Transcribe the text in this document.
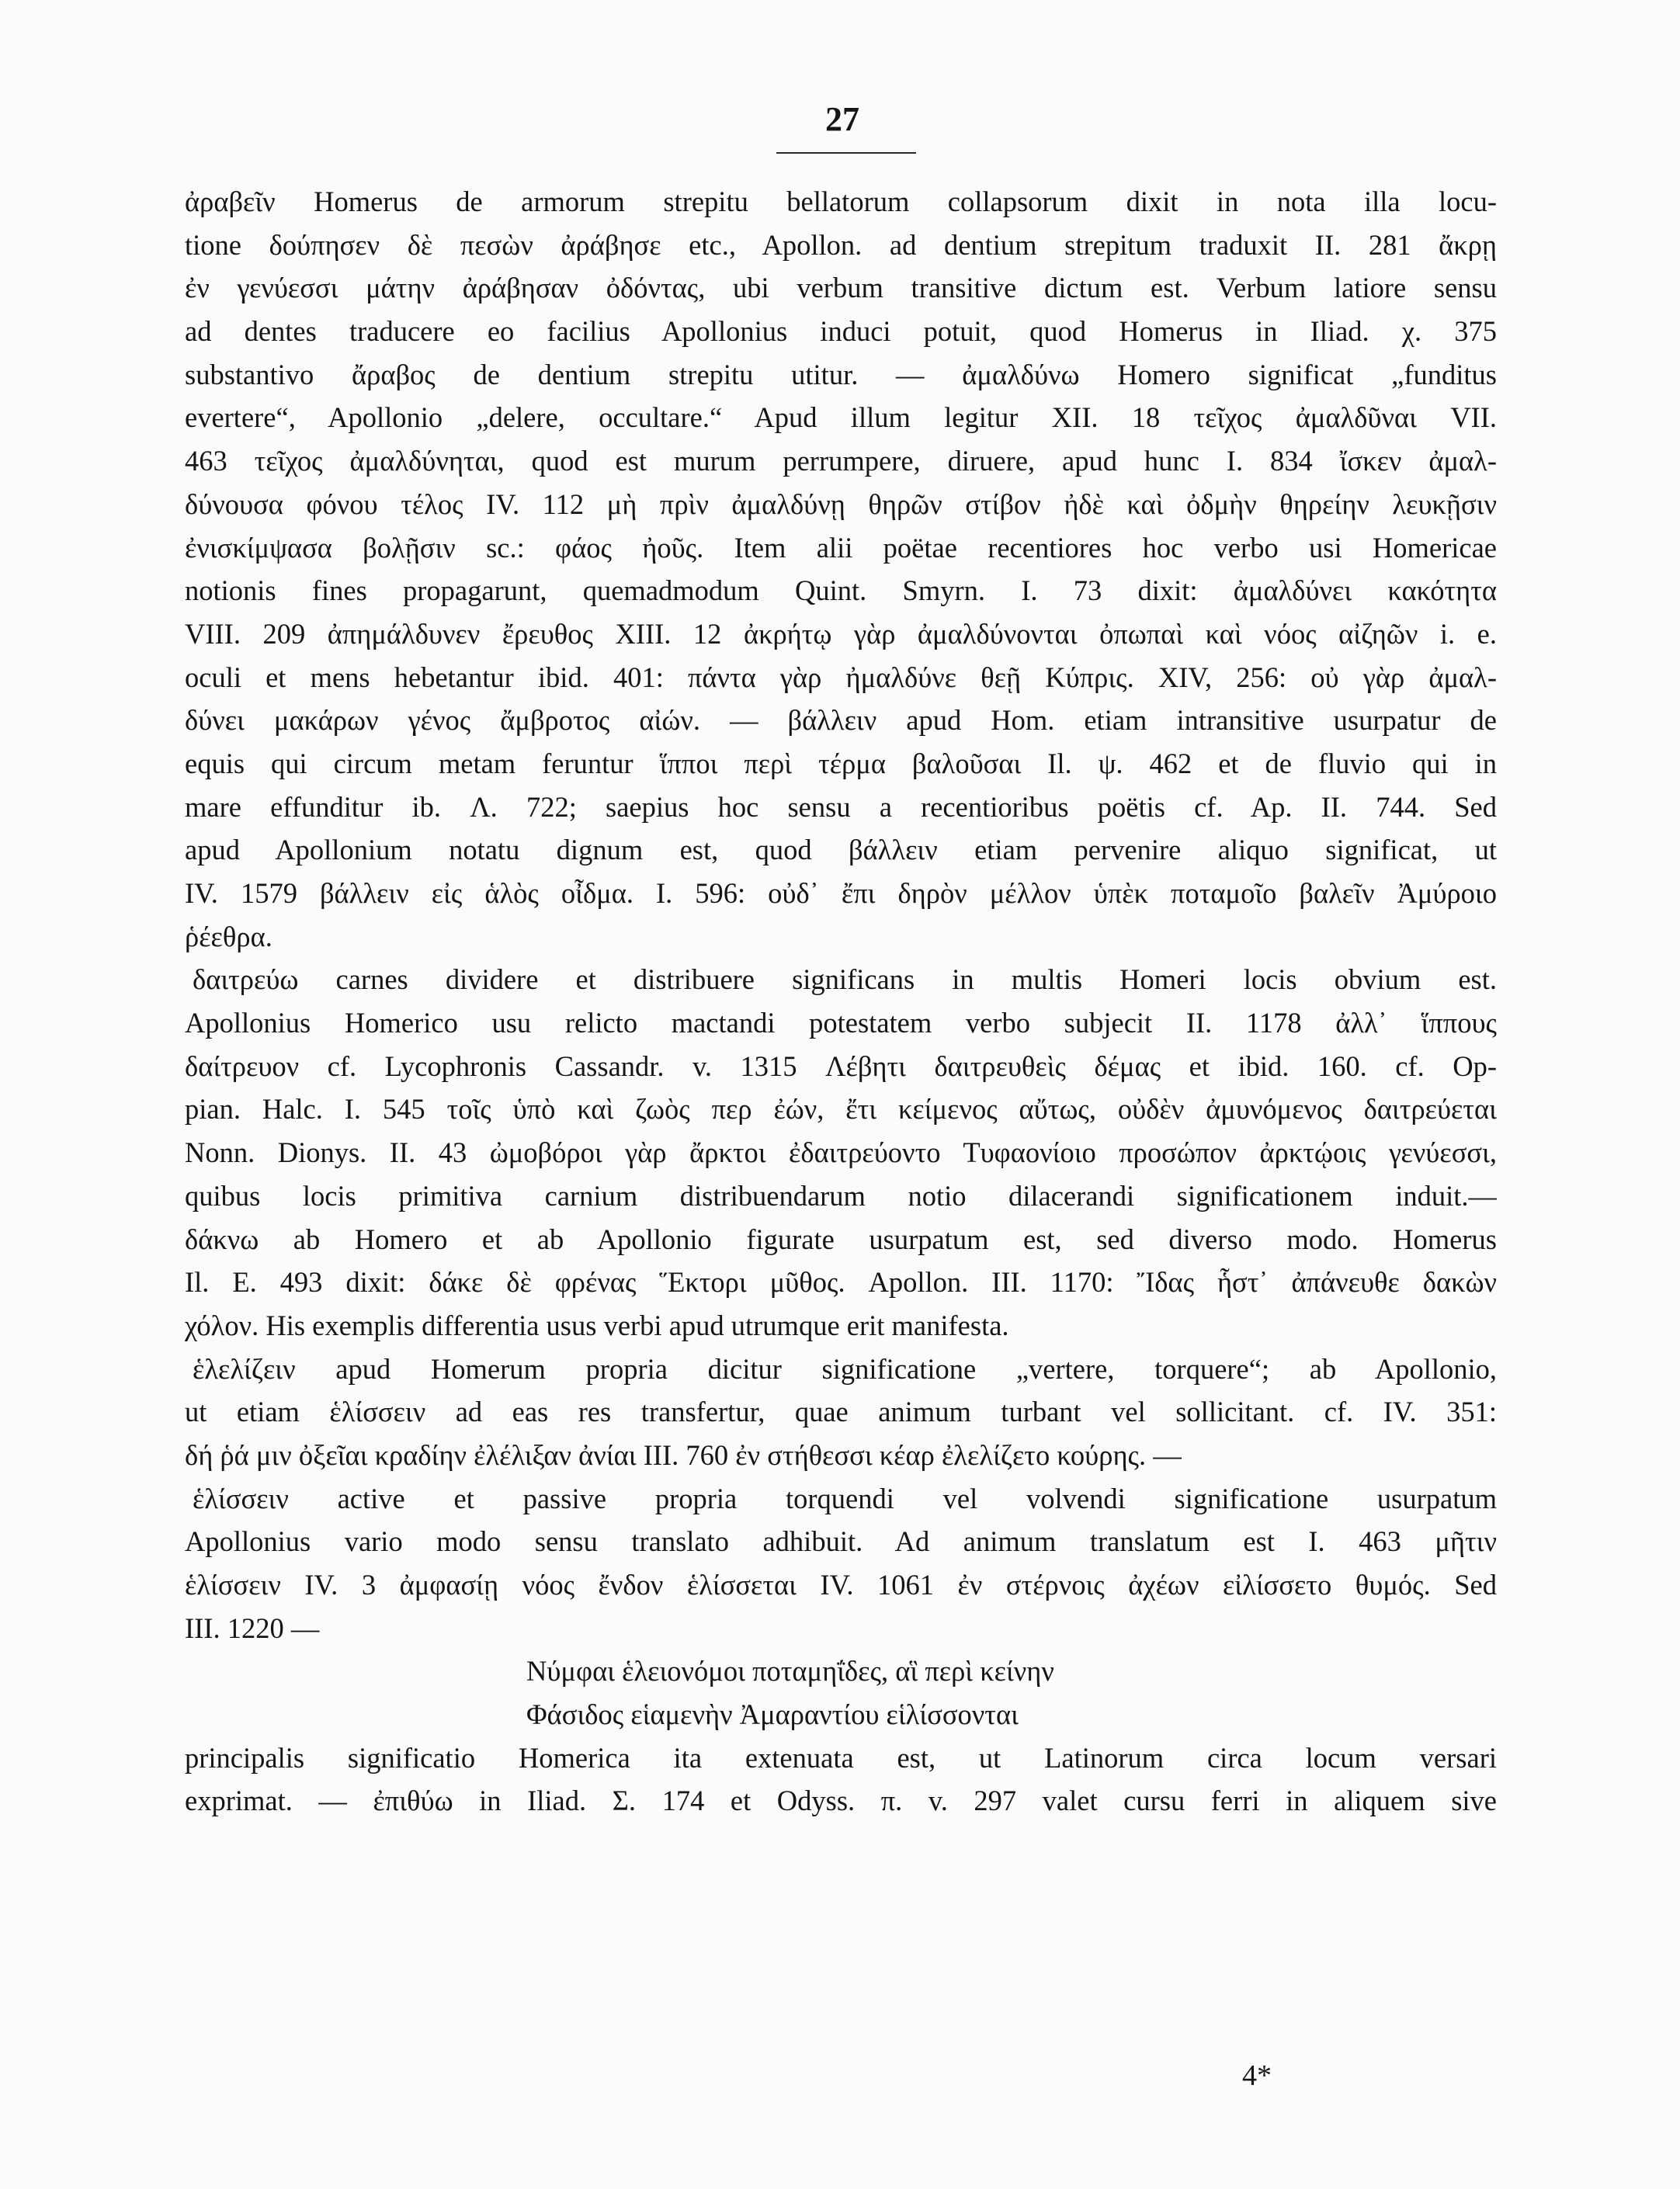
27
ἀραβεῖν Homerus de armorum strepitu bellatorum collapsorum dixit in nota illa locu-
tione δούπησεν δὲ πεσὼν ἀράβησε etc., Apollon. ad dentium strepitum traduxit II. 281 ἄκρῃ
ἐν γενύεσσι μάτην ἀράβησαν ὀδόντας, ubi verbum transitive dictum est. Verbum latiore sensu
ad dentes traducere eo facilius Apollonius induci potuit, quod Homerus in Iliad. χ. 375
substantivo ἄραβος de dentium strepitu utitur. — ἀμαλδύνω Homero significat „funditus
evertere“, Apollonio „delere, occultare.“ Apud illum legitur XII. 18 τεῖχος ἀμαλδῦναι VII.
463 τεῖχος ἀμαλδύνηται, quod est murum perrumpere, diruere, apud hunc I. 834 ἴσκεν ἀμαλ-
δύνουσα φόνου τέλος IV. 112 μὴ πρὶν ἀμαλδύνῃ θηρῶν στίβον ἠδὲ καὶ ὀδμὴν θηρείην λευκῇσιν
ἐνισκίμψασα βολῇσιν sc.: φάος ἠοῦς. Item alii poëtae recentiores hoc verbo usi Homericae
notionis fines propagarunt, quemadmodum Quint. Smyrn. I. 73 dixit: ἀμαλδύνει κακότητα
VIII. 209 ἀπημάλδυνεν ἔρευθος XIII. 12 ἀκρήτῳ γὰρ ἀμαλδύνονται ὀπωπαὶ καὶ νόος αἰζηῶν i. e.
oculi et mens hebetantur ibid. 401: πάντα γὰρ ἠμαλδύνε θεῇ Κύπρις. XIV, 256: οὐ γὰρ ἀμαλ-
δύνει μακάρων γένος ἄμβροτος αἰών. — βάλλειν apud Hom. etiam intransitive usurpatur de
equis qui circum metam feruntur ἵπποι περὶ τέρμα βαλοῦσαι Il. ψ. 462 et de fluvio qui in
mare effunditur ib. Λ. 722; saepius hoc sensu a recentioribus poëtis cf. Ap. II. 744. Sed
apud Apollonium notatu dignum est, quod βάλλειν etiam pervenire aliquo significat, ut
IV. 1579 βάλλειν εἰς ἁλὸς οἶδμα. I. 596: οὐδ᾽ ἔπι δηρὸν μέλλον ὑπὲκ ποταμοῖο βαλεῖν Ἀμύροιο
ῥέεθρα.
δαιτρεύω carnes dividere et distribuere significans in multis Homeri locis obvium est.
Apollonius Homerico usu relicto mactandi potestatem verbo subjecit II. 1178 ἀλλ᾽ ἵππους
δαίτρευον cf. Lycophronis Cassandr. v. 1315 Λέβητι δαιτρευθεὶς δέμας et ibid. 160. cf. Op-
pian. Halc. I. 545 τοῖς ὑπὸ καὶ ζωὸς περ ἐών, ἔτι κείμενος αὔτως, οὐδὲν ἀμυνόμενος δαιτρεύεται
Nonn. Dionys. II. 43 ὠμοβόροι γὰρ ἄρκτοι ἐδαιτρεύοντο Τυφαονίοιο προσώπον ἀρκτῴοις γενύεσσι,
quibus locis primitiva carnium distribuendarum notio dilacerandi significationem induit.—
δάκνω ab Homero et ab Apollonio figurate usurpatum est, sed diverso modo. Homerus
Il. E. 493 dixit: δάκε δὲ φρένας Ἕκτορι μῦθος. Apollon. III. 1170: Ἴδας ἧστ᾽ ἀπάνευθε δακὼν
χόλον. His exemplis differentia usus verbi apud utrumque erit manifesta.
ἑλελίζειν apud Homerum propria dicitur significatione „vertere, torquere“; ab Apollonio,
ut etiam ἑλίσσειν ad eas res transfertur, quae animum turbant vel sollicitant. cf. IV. 351:
δή ῥά μιν ὀξεῖαι κραδίην ἐλέλιξαν ἀνίαι III. 760 ἐν στήθεσσι κέαρ ἐλελίζετο κούρης. —
ἑλίσσειν active et passive propria torquendi vel volvendi significatione usurpatum
Apollonius vario modo sensu translato adhibuit. Ad animum translatum est I. 463 μῆτιν
ἑλίσσειν IV. 3 ἀμφασίῃ νόος ἔνδον ἑλίσσεται IV. 1061 ἐν στέρνοις ἀχέων εἰλίσσετο θυμός. Sed
III. 1220 —
Νύμφαι ἑλειονόμοι ποταμηΐδες, αἳ περὶ κείνην
Φάσιδος εἱαμενὴν Ἀμαραντίου εἱλίσσονται
principalis significatio Homerica ita extenuata est, ut Latinorum circa locum versari
exprimat. — ἐπιθύω in Iliad. Σ. 174 et Odyss. π. v. 297 valet cursu ferri in aliquem sive
4*
